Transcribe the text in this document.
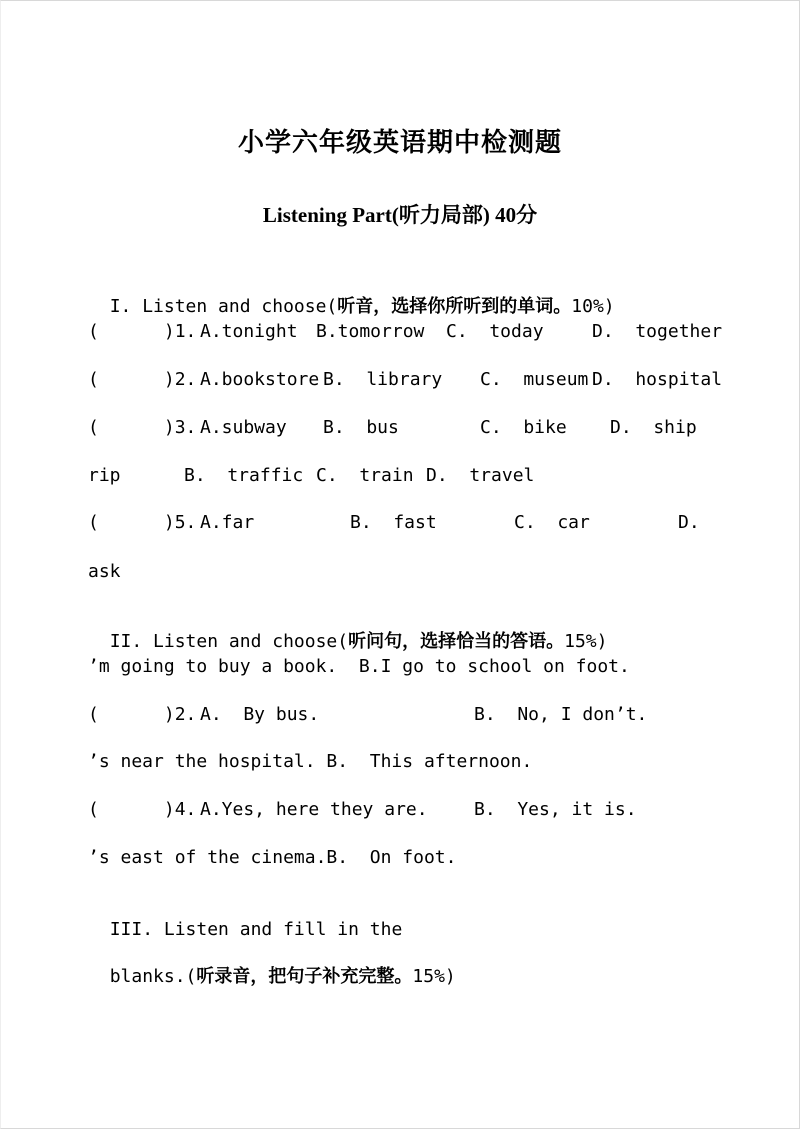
小学六年级英语期中检测题
Listening Part(听力局部) 40分

I. Listen and choose(听音，选择你所听到的单词。10%)

(      )1.

A.tonight

B.tomorrow

C.  today

	D.  together

(      )2.

A.bookstore

B.  library

C.  museum

D.  hospital

(      )3.

A.subway

B.  bus

	C.  bike

D.  ship

rip

	B.  traffic

C.  train

D.  travel

(      )5.

A.far

	B.  fast

	C.  car

	D.

ask

II. Listen and choose(听问句，选择恰当的答语。15%)

’m going to buy a book.  B.I go to school on foot.

(      )2.

A.  By bus.

	B.  No, I don’t.

’s near the hospital. B.  This afternoon.

(      )4.

A.Yes, here they are.

	B.  Yes, it is.

’s east of the cinema.B.  On foot.

III. Listen and fill in the

blanks.(听录音，把句子补充完整。15%)
